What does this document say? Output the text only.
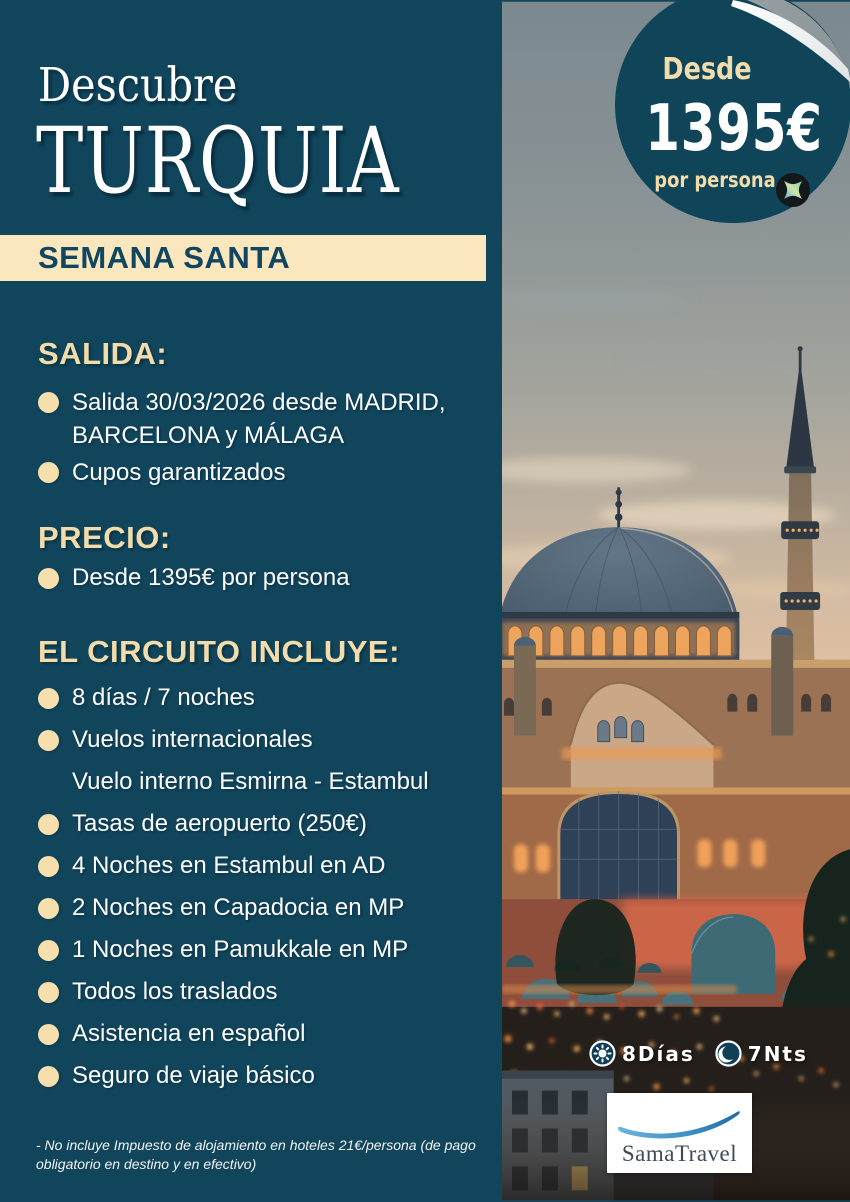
Desde
1395€
por persona
Descubre
TURQUIA
SEMANA SANTA
SALIDA:
Salida 30/03/2026 desde MADRID, BARCELONA y MÁLAGA
Cupos garantizados
PRECIO:
Desde 1395€ por persona
EL CIRCUITO INCLUYE:
8 días / 7 noches
Vuelos internacionales
Vuelo interno Esmirna - Estambul
Tasas de aeropuerto (250€)
4 Noches en Estambul en AD
2 Noches en Capadocia en MP
1 Noches en Pamukkale en MP
Todos los traslados
Asistencia en español
Seguro de viaje básico
- No incluye Impuesto de alojamiento en hoteles 21€/persona (de pago obligatorio en destino y en efectivo)
8Días	7Nts
SamaTravel
